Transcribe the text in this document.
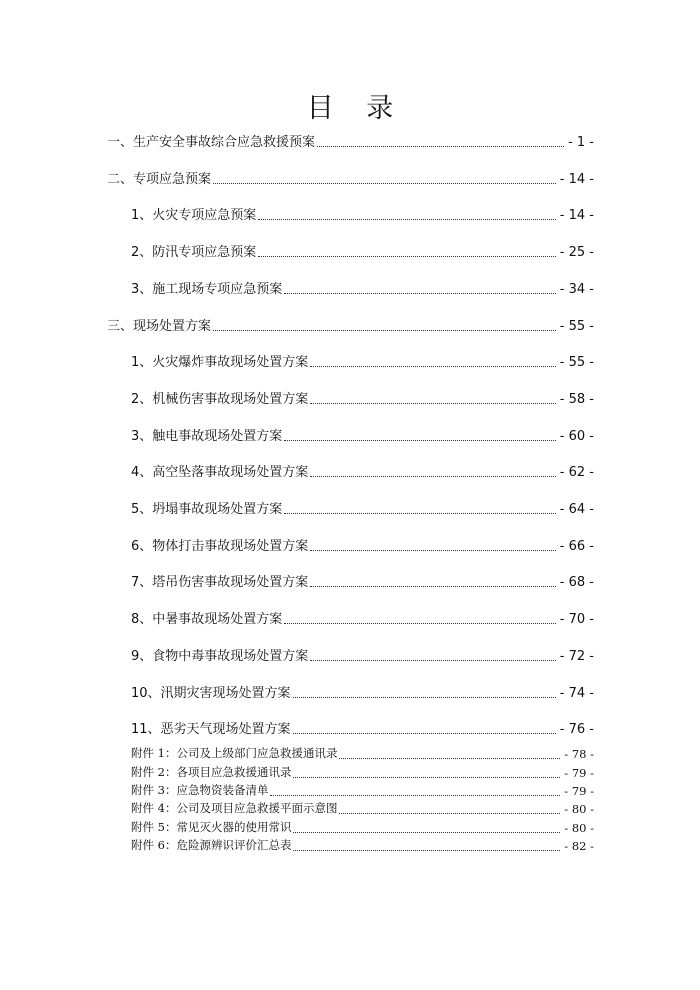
目 录
一、生产安全事故综合应急救援预案	- 1 -
二、专项应急预案	- 14 -
1、火灾专项应急预案	- 14 -
2、防汛专项应急预案	- 25 -
3、施工现场专项应急预案	- 34 -
三、现场处置方案	- 55 -
1、火灾爆炸事故现场处置方案	- 55 -
2、机械伤害事故现场处置方案	- 58 -
3、触电事故现场处置方案	- 60 -
4、高空坠落事故现场处置方案	- 62 -
5、坍塌事故现场处置方案	- 64 -
6、物体打击事故现场处置方案	- 66 -
7、塔吊伤害事故现场处置方案	- 68 -
8、中暑事故现场处置方案	- 70 -
9、食物中毒事故现场处置方案	- 72 -
10、汛期灾害现场处置方案	- 74 -
11、恶劣天气现场处置方案	- 76 -
附件 1：公司及上级部门应急救援通讯录	- 78 -
附件 2：各项目应急救援通讯录	- 79 -
附件 3：应急物资装备清单	- 79 -
附件 4：公司及项目应急救援平面示意图	- 80 -
附件 5：常见灭火器的使用常识	- 80 -
附件 6：危险源辨识评价汇总表	- 82 -
